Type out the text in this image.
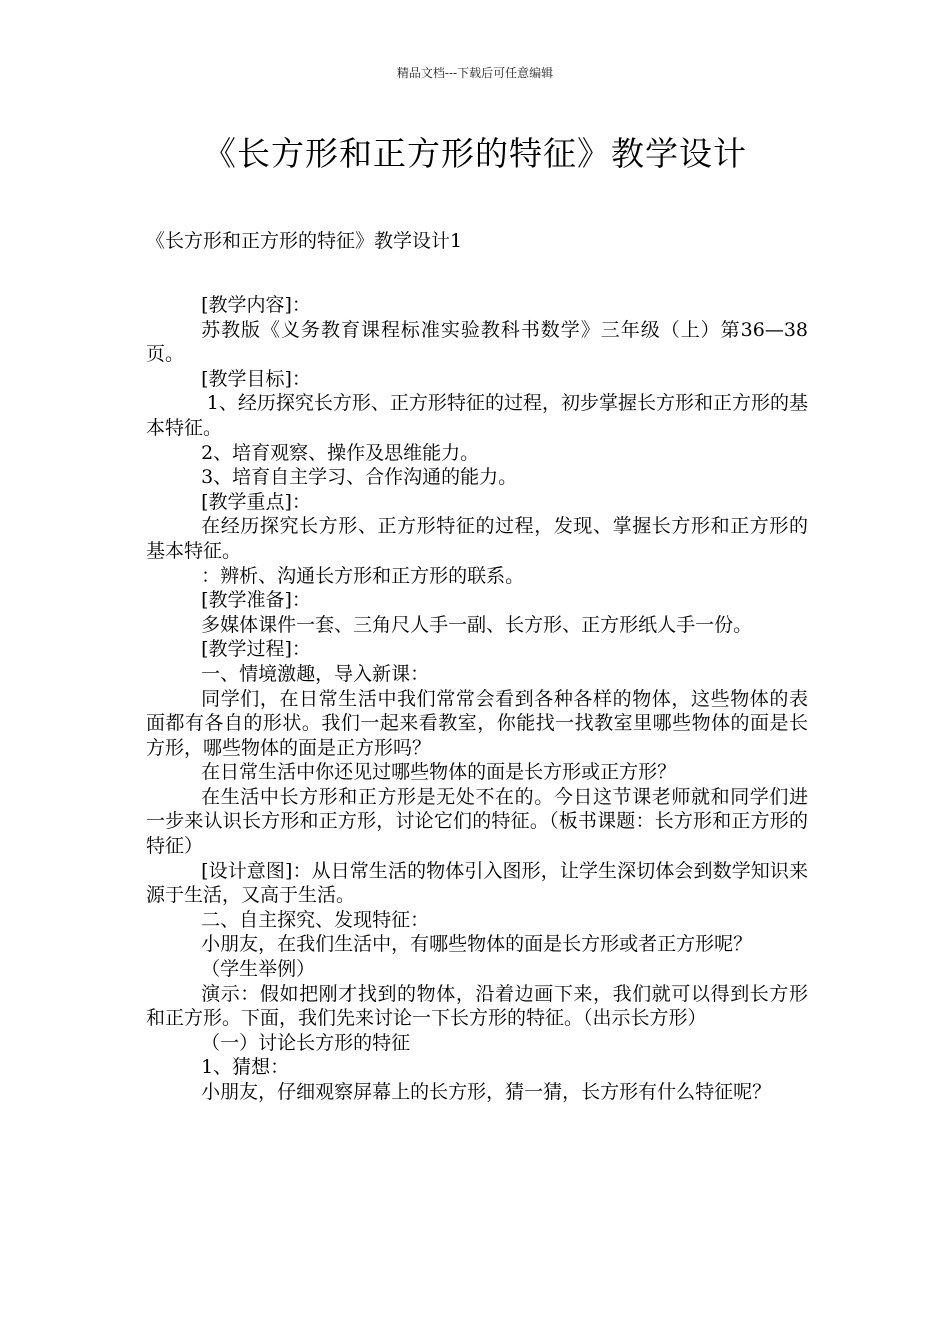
精品文档---下载后可任意编辑
《长方形和正方形的特征》教学设计
《长方形和正方形的特征》教学设计1

[教学内容]：

苏教版《义务教育课程标准实验教科书数学》三年级（上）第36—38页。

[教学目标]：

1、经历探究长方形、正方形特征的过程，初步掌握长方形和正方形的基本特征。

2、培育观察、操作及思维能力。

3、培育自主学习、合作沟通的能力。

[教学重点]：

在经历探究长方形、正方形特征的过程，发现、掌握长方形和正方形的基本特征。

：辨析、沟通长方形和正方形的联系。

[教学准备]：

多媒体课件一套、三角尺人手一副、长方形、正方形纸人手一份。

[教学过程]：

一、情境激趣，导入新课：

同学们，在日常生活中我们常常会看到各种各样的物体，这些物体的表面都有各自的形状。我们一起来看教室，你能找一找教室里哪些物体的面是长方形，哪些物体的面是正方形吗？

在日常生活中你还见过哪些物体的面是长方形或正方形？

在生活中长方形和正方形是无处不在的。今日这节课老师就和同学们进一步来认识长方形和正方形，讨论它们的特征。（板书课题：长方形和正方形的特征）

[设计意图]：从日常生活的物体引入图形，让学生深切体会到数学知识来源于生活，又高于生活。

二、自主探究、发现特征：

小朋友，在我们生活中，有哪些物体的面是长方形或者正方形呢？

（学生举例）

演示：假如把刚才找到的物体，沿着边画下来，我们就可以得到长方形和正方形。下面，我们先来讨论一下长方形的特征。（出示长方形）

（一）讨论长方形的特征

1、猜想：

小朋友，仔细观察屏幕上的长方形，猜一猜，长方形有什么特征呢？
